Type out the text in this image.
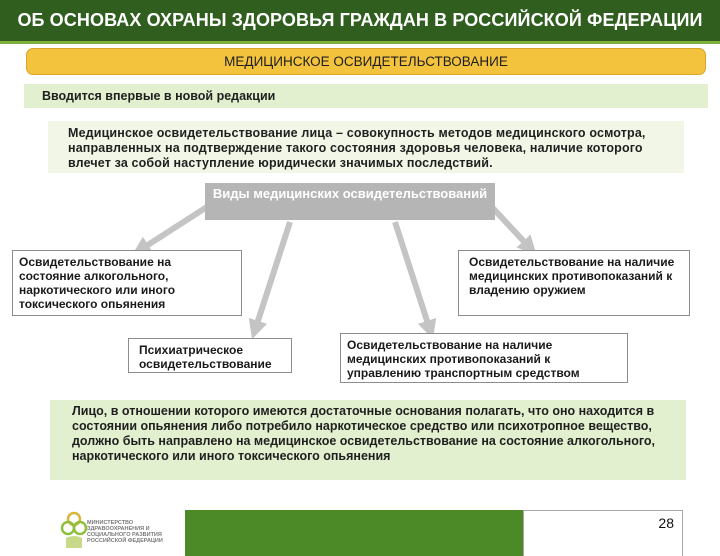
ОБ ОСНОВАХ ОХРАНЫ ЗДОРОВЬЯ ГРАЖДАН В РОССИЙСКОЙ ФЕДЕРАЦИИ
МЕДИЦИНСКОЕ ОСВИДЕТЕЛЬСТВОВАНИЕ
Вводится впервые в новой редакции
Медицинское освидетельствование лица – совокупность методов медицинского осмотра, направленных на подтверждение такого состояния здоровья человека, наличие которого влечет за собой наступление юридически значимых последствий.
Виды медицинских освидетельствований
Освидетельствование на состояние алкогольного, наркотического или иного токсического опьянения
Психиатрическое освидетельствование
Освидетельствование на наличие медицинских противопоказаний к управлению транспортным средством
Освидетельствование на наличие медицинских противопоказаний к владению оружием
Лицо, в отношении которого имеются достаточные основания полагать, что оно находится в состоянии опьянения либо потребило наркотическое средство или психотропное вещество, должно быть направлено на медицинское освидетельствование на состояние алкогольного, наркотического или иного токсического опьянения
МИНИСТЕРСТВО ЗДРАВООХРАНЕНИЯ И СОЦИАЛЬНОГО РАЗВИТИЯ РОССИЙСКОЙ ФЕДЕРАЦИИ
28
